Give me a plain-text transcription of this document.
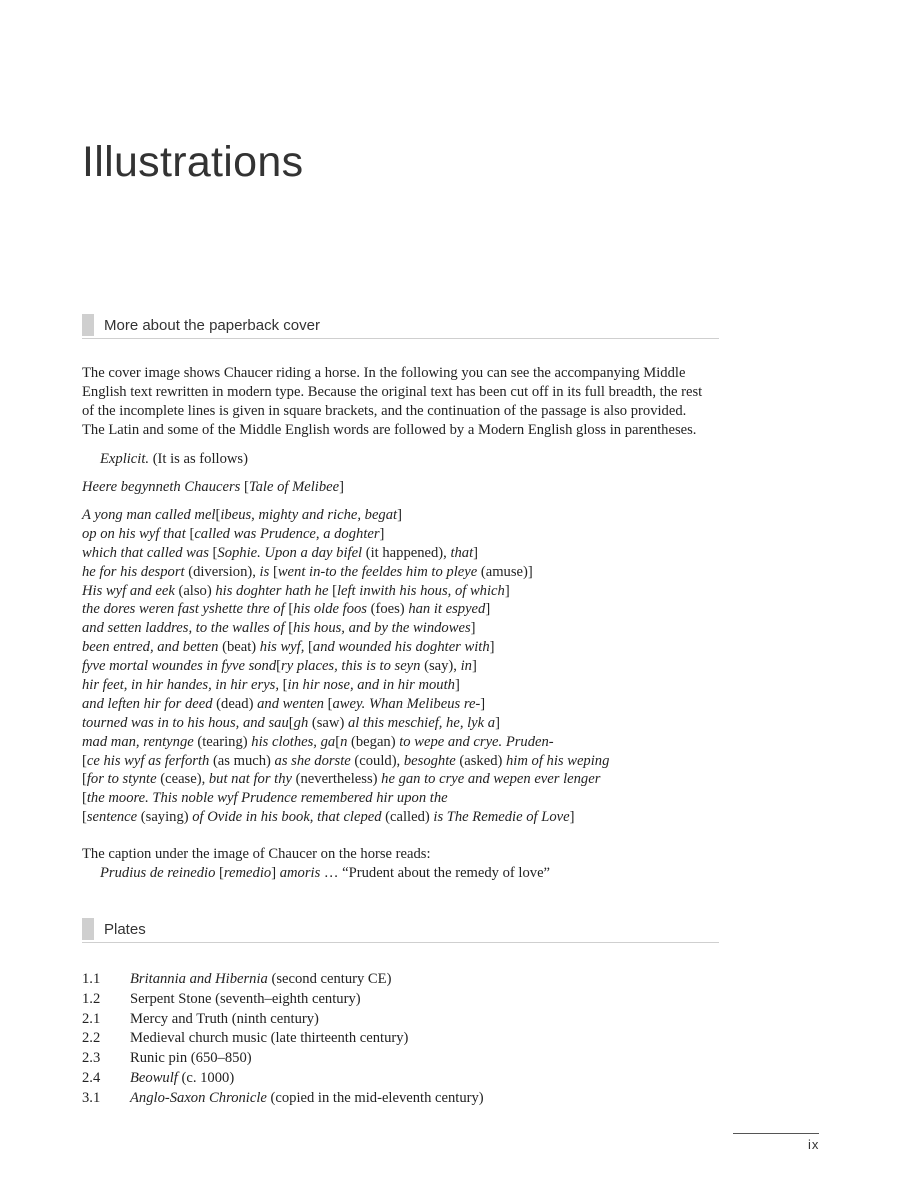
Illustrations
More about the paperback cover
The cover image shows Chaucer riding a horse. In the following you can see the accompanying Middle
English text rewritten in modern type. Because the original text has been cut off in its full breadth, the rest
of the incomplete lines is given in square brackets, and the continuation of the passage is also provided.
The Latin and some of the Middle English words are followed by a Modern English gloss in parentheses.

Explicit. (It is as follows)

Heere begynneth Chaucers [Tale of Melibee]

A yong man called mel[ibeus, mighty and riche, begat]
op on his wyf that [called was Prudence, a doghter]
which that called was [Sophie. Upon a day bifel (it happened), that]
he for his desport (diversion), is [went in-to the feeldes him to pleye (amuse)]
His wyf and eek (also) his doghter hath he [left inwith his hous, of which]
the dores weren fast yshette thre of [his olde foos (foes) han it espyed]
and setten laddres, to the walles of [his hous, and by the windowes]
been entred, and betten (beat) his wyf, [and wounded his doghter with]
fyve mortal woundes in fyve sond[ry places, this is to seyn (say), in]
hir feet, in hir handes, in hir erys, [in hir nose, and in hir mouth]
and leften hir for deed (dead) and wenten [awey. Whan Melibeus re-]
tourned was in to his hous, and sau[gh (saw) al this meschief, he, lyk a]
mad man, rentynge (tearing) his clothes, ga[n (began) to wepe and crye. Pruden-
[ce his wyf as ferforth (as much) as she dorste (could), besoghte (asked) him of his weping
[for to stynte (cease), but nat for thy (nevertheless) he gan to crye and wepen ever lenger
[the moore. This noble wyf Prudence remembered hir upon the
[sentence (saying) of Ovide in his book, that cleped (called) is The Remedie of Love]

The caption under the image of Chaucer on the horse reads:

Prudius de reinedio [remedio] amoris … “Prudent about the remedy of love”

Plates
1.1	Britannia and Hibernia (second century CE)
1.2	Serpent Stone (seventh–eighth century)
2.1	Mercy and Truth (ninth century)
2.2	Medieval church music (late thirteenth century)
2.3	Runic pin (650–850)
2.4	Beowulf (c. 1000)
3.1	Anglo-Saxon Chronicle (copied in the mid-eleventh century)
ix
